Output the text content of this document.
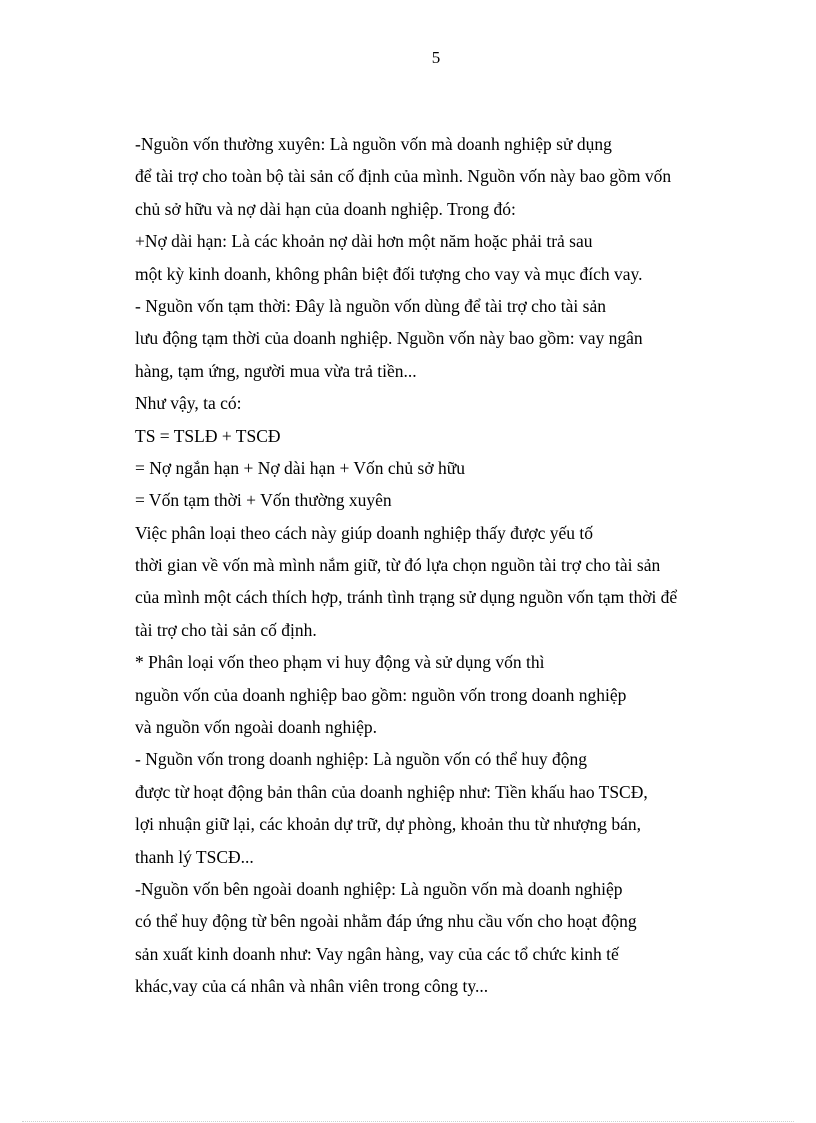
5
-Nguồn vốn thường xuyên: Là nguồn vốn mà doanh nghiệp sử dụng
để tài trợ cho toàn bộ tài sản cố định của mình. Nguồn vốn này bao gồm vốn
chủ sở hữu và nợ dài hạn của doanh nghiệp. Trong đó:
+Nợ dài hạn: Là các khoản nợ dài hơn một năm hoặc phải trả sau
một kỳ kinh doanh, không phân biệt đối tượng cho vay và mục đích vay.
- Nguồn vốn tạm thời: Đây là nguồn vốn dùng để tài trợ cho tài sản
lưu động tạm thời của doanh nghiệp. Nguồn vốn này bao gồm: vay ngân
hàng, tạm ứng, người mua vừa trả tiền...
Như vậy, ta có:
TS = TSLĐ + TSCĐ
= Nợ ngắn hạn + Nợ dài hạn + Vốn chủ sở hữu
= Vốn tạm thời + Vốn thường xuyên
Việc phân loại theo cách này giúp doanh nghiệp thấy được yếu tố
thời gian về vốn mà mình nắm giữ, từ đó lựa chọn nguồn tài trợ cho tài sản
của mình một cách thích hợp, tránh tình trạng sử dụng nguồn vốn tạm thời để
tài trợ cho tài sản cố định.
* Phân loại vốn theo phạm vi huy động và sử dụng vốn thì
nguồn vốn của doanh nghiệp bao gồm: nguồn vốn trong doanh nghiệp
và nguồn vốn ngoài doanh nghiệp.
- Nguồn vốn trong doanh nghiệp: Là nguồn vốn có thể huy động
được từ hoạt động bản thân của doanh nghiệp như: Tiền khấu hao TSCĐ,
lợi nhuận giữ lại, các khoản dự trữ, dự phòng, khoản thu từ nhượng bán,
thanh lý TSCĐ...
-Nguồn vốn bên ngoài doanh nghiệp: Là nguồn vốn mà doanh nghiệp
có thể huy động từ bên ngoài nhằm đáp ứng nhu cầu vốn cho hoạt động
sản xuất kinh doanh như: Vay ngân hàng, vay của các tổ chức kinh tế
khác,vay của cá nhân và nhân viên trong công ty...
